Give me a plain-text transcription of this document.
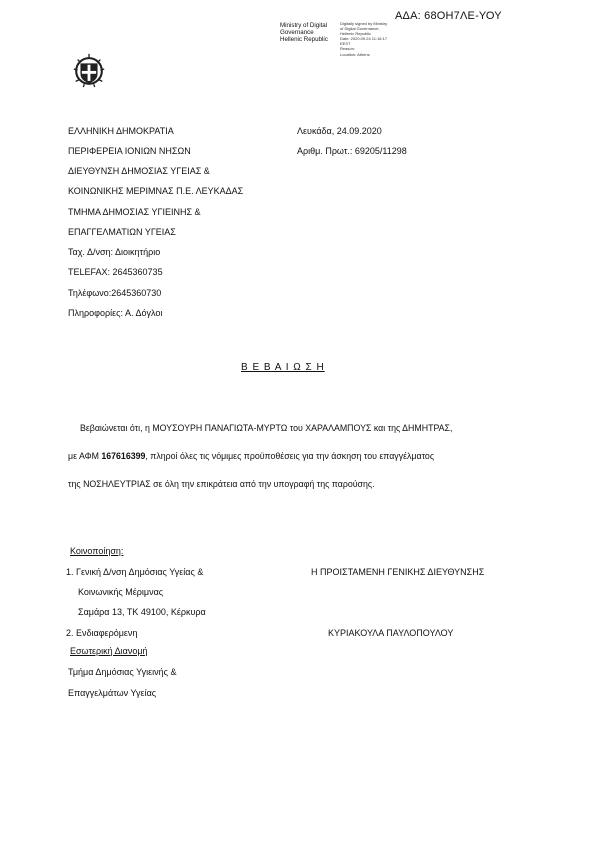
ΑΔΑ: 68ΟΗ7ΛΕ-ΥΟΥ
Ministry of Digital
Governance
Hellenic Republic
Digitally signed by Ministry
of Digital Governance,
Hellenic Republic
Date: 2020.09.24 11:16:17
EEST
Reason:
Location: Athens
ΕΛΛΗΝΙΚΗ ΔΗΜΟΚΡΑΤΙΑ
ΠΕΡΙΦΕΡΕΙΑ ΙΟΝΙΩΝ ΝΗΣΩΝ
ΔΙΕΥΘΥΝΣΗ ΔΗΜΟΣΙΑΣ ΥΓΕΙΑΣ &
ΚΟΙΝΩΝΙΚΗΣ ΜΕΡΙΜΝΑΣ Π.Ε. ΛΕΥΚΑΔΑΣ
ΤΜΗΜΑ ΔΗΜΟΣΙΑΣ ΥΓΙΕΙΝΗΣ &
ΕΠΑΓΓΕΛΜΑΤΙΩΝ ΥΓΕΙΑΣ
Ταχ. Δ/νση: Διοικητήριο
TELEFAX: 2645360735
Τηλέφωνο:2645360730
Πληροφορίες: Α. Δόγλοι
Λευκάδα, 24.09.2020
Αριθμ. Πρωτ.: 69205/11298
Β Ε Β Α Ι Ω Σ Η
Βεβαιώνεται ότι, η ΜΟΥΣΟΥΡΗ ΠΑΝΑΓΙΩΤΑ-ΜΥΡΤΩ του ΧΑΡΑΛΑΜΠΟΥΣ και της ΔΗΜΗΤΡΑΣ,
με ΑΦΜ 167616399, πληροί όλες τις νόμιμες προϋποθέσεις για την άσκηση του επαγγέλματος
της ΝΟΣΗΛΕΥΤΡΙΑΣ σε όλη την επικράτεια από την υπογραφή της παρούσης.
Κοινοποίηση:
1. Γενική Δ/νση Δημόσιας Υγείας &
Κοινωνικής Μέριμνας
Σαμάρα 13, ΤΚ 49100, Κέρκυρα
2. Ενδιαφερόμενη
Εσωτερική Διανομή
Τμήμα Δημόσιας Υγιεινής &
Επαγγελμάτων Υγείας
Η ΠΡΟΙΣΤΑΜΕΝΗ ΓΕΝΙΚΗΣ ΔΙΕΥΘΥΝΣΗΣ
ΚΥΡΙΑΚΟΥΛΑ ΠΑΥΛΟΠΟΥΛΟΥ
